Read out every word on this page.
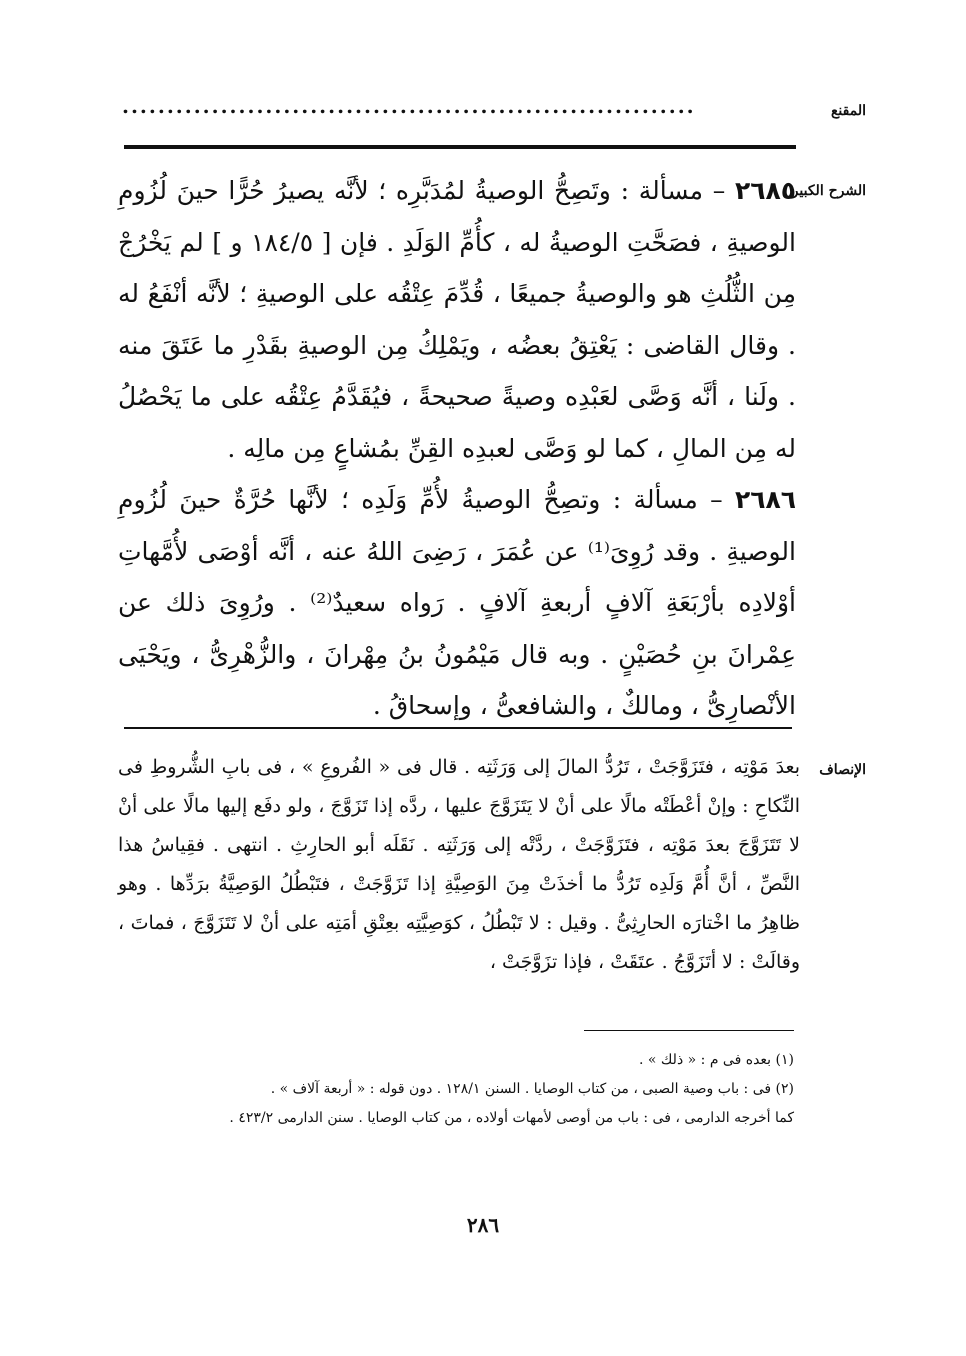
المقنع
................................................................
الشرح الكبير

٢٦٨٥ – مسألة : وتَصِحُّ الوصيةُ لمُدَبَّرِه ؛ لأنَّه يصيرُ حُرًّا حينَ لُزُومِ الوصيةِ ، فصَحَّتِ الوصيةُ له ، كأُمِّ الوَلَدِ . فإن [ ١٨٤/٥ و ] لم يَخْرُجْ مِن الثُّلُثِ هو والوصيةُ جميعًا ، قُدِّمَ عِتْقُه على الوصيةِ ؛ لأنَّه أنْفَعُ له . وقال القاضى : يَعْتِقُ بعضُه ، ويَمْلِكُ مِن الوصيةِ بقَدْرِ ما عَتَقَ منه . ولَنا ، أنَّه وَصَّى لعَبْدِه وصيةً صحيحةً ، فيُقَدَّمُ عِتْقُه على ما يَحْصُلُ له مِن المالِ ، كما لو وَصَّى لعبدِه القِنِّ بمُشاعٍ مِن مالِه .

٢٦٨٦ – مسألة : وتصِحُّ الوصيةُ لأُمِّ وَلَدِه ؛ لأنَّها حُرَّةٌ حينَ لُزُومِ الوصيةِ . وقد رُوِىَ⁽¹⁾ عن عُمَرَ ، رَضِىَ اللهُ عنه ، أنَّه أوْصَى لأُمَّهاتِ أوْلادِه بأرْبَعَةِ آلافٍ أربعةِ آلافٍ . رَواه سعيدٌ⁽²⁾ . ورُوِىَ ذلك عن عِمْرانَ بنِ حُصَيْنٍ . وبه قال مَيْمُونُ بنُ مِهْرانَ ، والزُّهْرِىُّ ، ويَحْيَى الأنْصارِىُّ ، ومالكٌ ، والشافعىُّ ، وإسحاقُ .

الإنصاف

بعدَ مَوْتِه ، فتَزَوَّجَتْ ، تَرُدُّ المالَ إلى وَرَثَتِه . قال فى « الفُروعِ » ، فى بابِ الشُّروطِ فى النِّكاحِ : وإنْ أعْطَتْه مالًا على أنْ لا يَتَزَوَّجَ عليها ، ردَّه إذا تَزَوَّجَ ، ولو دفَع إليها مالًا على أنْ لا تَتَزَوَّجَ بعدَ مَوْتِه ، فتَزَوَّجَتْ ، ردَّتْه إلى وَرَثَتِه . نَقَلَه أبو الحارِثِ . انتهى . فقِياسُ هذا النَّصِّ ، أنَّ أُمَّ وَلَدِه تَرُدُّ ما أخذَتْ مِنَ الوَصِيَّةِ إذا تَزَوَّجَتْ ، فتَبْطُلُ الوَصِيَّةُ برَدِّها . وهو ظاهِرُ ما اخْتارَه الحارِثِىُّ . وقيل : لا تَبْطُلُ ، كوَصِيَّتِه بعِتْقِ أمَتِه على أنْ لا تَتَزَوَّجَ ، فماتَ ، وقالَتْ : لا أتَزَوَّجُ . عتَقَتْ ، فإذا تزَوَّجَتْ ،

(١) بعده فى م : « ذلك » .

(٢) فى : باب وصية الصبى ، من كتاب الوصايا . السنن ١٢٨/١ . دون قوله : « أربعة آلاف » .

كما أخرجه الدارمى ، فى : باب من أوصى لأمهات أولاده ، من كتاب الوصايا . سنن الدارمى ٤٢٣/٢ .

٢٨٦
